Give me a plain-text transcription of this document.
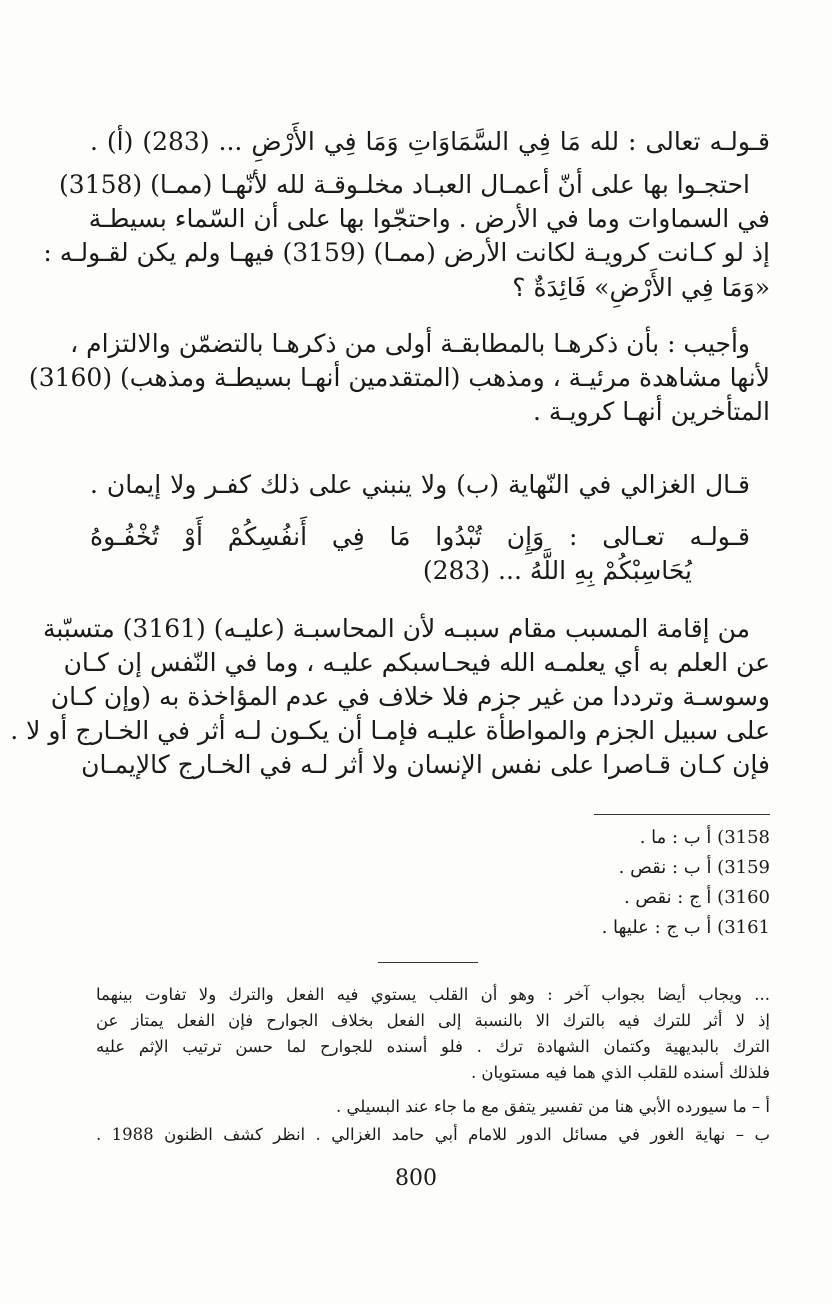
قـولـه تعالى : لله مَا فِي السَّمَاوَاتِ وَمَا فِي الأَرْضِ ... (283) (أ) .
احتجـوا بها على أنّ أعمـال العبـاد مخلـوقـة لله لأنّهـا (ممـا) (3158)
في السماوات وما في الأرض . واحتجّوا بها على أن السّماء بسيطـة
إذ لو كـانت كرويـة لكانت الأرض (ممـا) (3159) فيهـا ولم يكن لقـولـه :
«وَمَا فِي الأَرْضِ» فَائِدَةٌ ؟
وأجيب : بأن ذكرهـا بالمطابقـة أولى من ذكرهـا بالتضمّن والالتزام ،
لأنها مشاهدة مرئيـة ، ومذهب (المتقدمين أنهـا بسيطـة ومذهب) (3160)
المتأخرين أنهـا كرويـة .
قـال الغزالي في النّهاية (ب) ولا ينبني على ذلك كفـر ولا إيمان .
قـولـه تعـالى : وَإِن تُبْدُوا مَا فِي أَنفُسِكُمْ أَوْ تُخْفُـوهُ
يُحَاسِبْكُمْ بِهِ اللَّهُ ... (283)
من إقامة المسبب مقام سببـه لأن المحاسبـة (عليـه) (3161) متسبّبة
عن العلم به أي يعلمـه الله فيحـاسبكم عليـه ، وما في النّفس إن كـان
وسوسـة وترددا من غير جزم فلا خلاف في عدم المؤاخذة به (وإن كـان
على سبيل الجزم والمواطأة عليـه فإمـا أن يكـون لـه أثر في الخـارج أو لا .
فإن كـان قـاصرا على نفس الإنسان ولا أثر لـه في الخـارج كالإيمـان
3158) أ ب : ما .
3159) أ ب : نقص .
3160) أ ج : نقص .
3161) أ ب ج : عليها .
... ويجاب أيضا بجواب آخر : وهو أن القلب يستوي فيه الفعل والترك ولا تفاوت بينهما
إذ لا أثر للترك فيه بالترك الا بالنسبة إلى الفعل بخلاف الجوارح فإن الفعل يمتاز عن
الترك بالبديهية وكتمان الشهادة ترك . فلو أسنده للجوارح لما حسن ترتيب الإثم عليه
فلذلك أسنده للقلب الذي هما فيه مستويان .
أ – ما سيورده الأبي هنا من تفسير يتفق مع ما جاء عند البسيلي .
ب – نهاية الغور في مسائل الدور للامام أبي حامد الغزالي . انظر كشف الظنون 1988 .
800
